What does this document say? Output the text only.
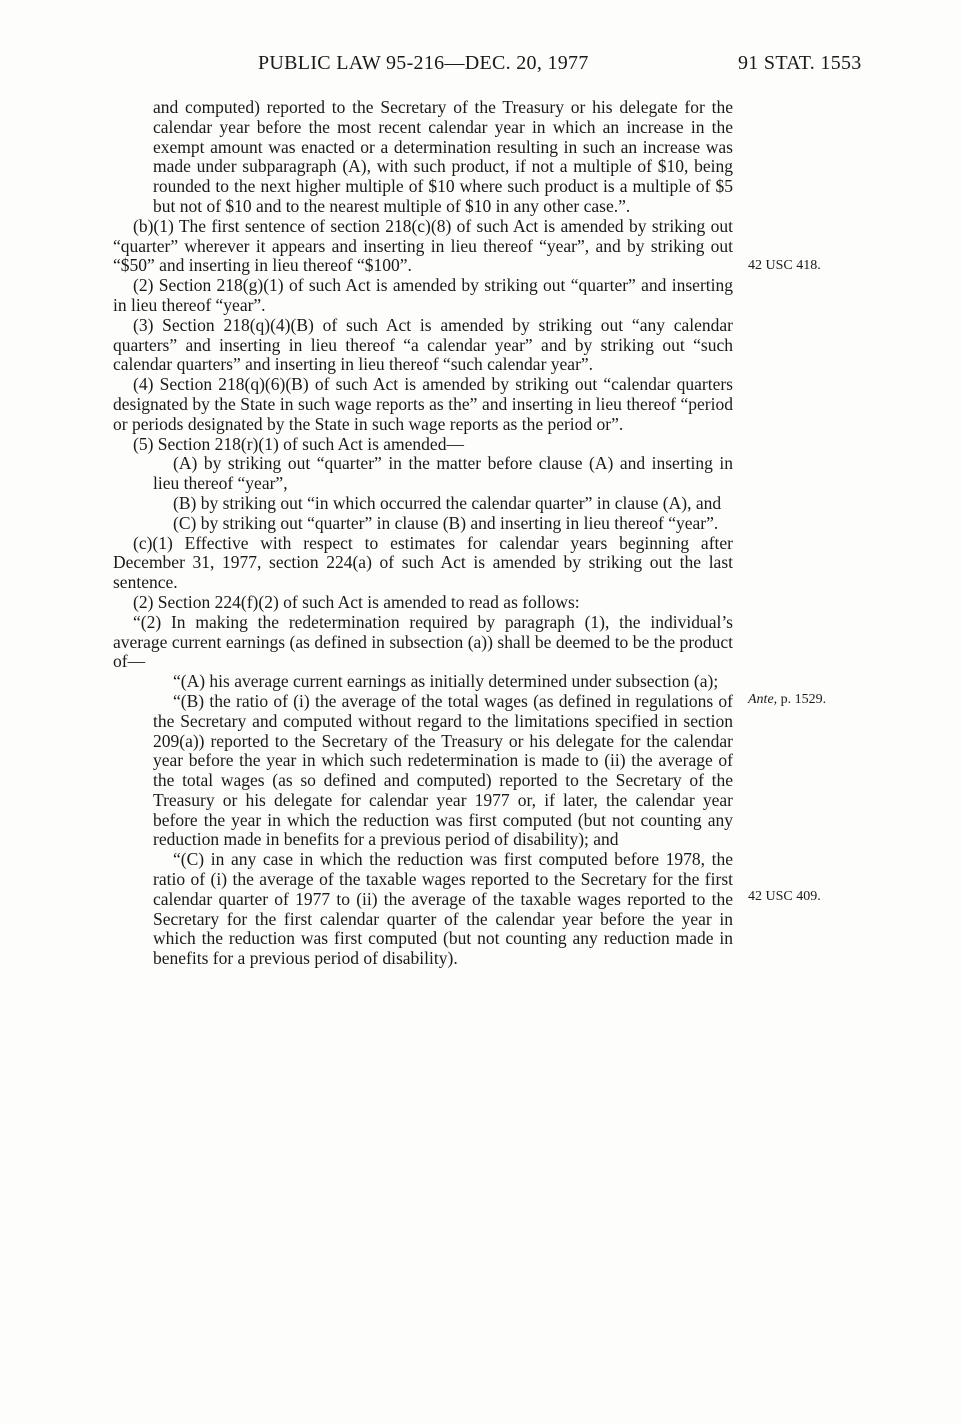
PUBLIC LAW 95-216—DEC. 20, 1977	91 STAT. 1553
42 USC 418.
Ante, p. 1529.
42 USC 409.

and computed) reported to the Secretary of the Treasury or his delegate for the calendar year before the most recent calendar year in which an increase in the exempt amount was enacted or a determination resulting in such an increase was made under subparagraph (A), with such product, if not a multiple of $10, being rounded to the next higher multiple of $10 where such product is a multiple of $5 but not of $10 and to the nearest multiple of $10 in any other case.”.

(b)(1) The first sentence of section 218(c)(8) of such Act is amended by striking out “quarter” wherever it appears and inserting in lieu thereof “year”, and by striking out “$50” and inserting in lieu thereof “$100”.

(2) Section 218(g)(1) of such Act is amended by striking out “quarter” and inserting in lieu thereof “year”.

(3) Section 218(q)(4)(B) of such Act is amended by striking out “any calendar quarters” and inserting in lieu thereof “a calendar year” and by striking out “such calendar quarters” and inserting in lieu thereof “such calendar year”.

(4) Section 218(q)(6)(B) of such Act is amended by striking out “calendar quarters designated by the State in such wage reports as the” and inserting in lieu thereof “period or periods designated by the State in such wage reports as the period or”.

(5) Section 218(r)(1) of such Act is amended—

(A) by striking out “quarter” in the matter before clause (A) and inserting in lieu thereof “year”,

(B) by striking out “in which occurred the calendar quarter” in clause (A), and

(C) by striking out “quarter” in clause (B) and inserting in lieu thereof “year”.

(c)(1) Effective with respect to estimates for calendar years beginning after December 31, 1977, section 224(a) of such Act is amended by striking out the last sentence.

(2) Section 224(f)(2) of such Act is amended to read as follows:

“(2) In making the redetermination required by paragraph (1), the individual’s average current earnings (as defined in subsection (a)) shall be deemed to be the product of—

“(A) his average current earnings as initially determined under subsection (a);

“(B) the ratio of (i) the average of the total wages (as defined in regulations of the Secretary and computed without regard to the limitations specified in section 209(a)) reported to the Secretary of the Treasury or his delegate for the calendar year before the year in which such redetermination is made to (ii) the average of the total wages (as so defined and computed) reported to the Secretary of the Treasury or his delegate for calendar year 1977 or, if later, the calendar year before the year in which the reduction was first computed (but not counting any reduction made in benefits for a previous period of disability); and

“(C) in any case in which the reduction was first computed before 1978, the ratio of (i) the average of the taxable wages reported to the Secretary for the first calendar quarter of 1977 to (ii) the average of the taxable wages reported to the Secretary for the first calendar quarter of the calendar year before the year in which the reduction was first computed (but not counting any reduction made in benefits for a previous period of disability).
